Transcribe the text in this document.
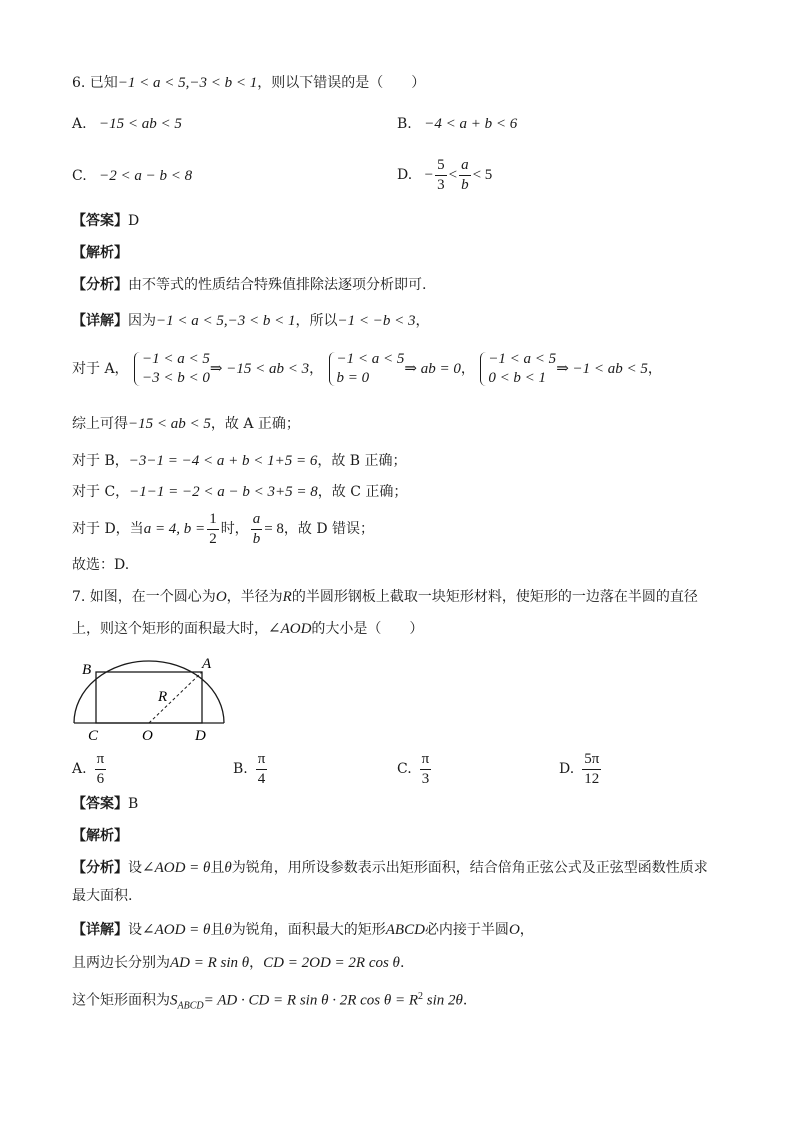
6. 已知−1 < a < 5,−3 < b < 1，则以下错误的是（　　）
A. −15 < ab < 5	B. −4 < a + b < 6
C. −2 < a − b < 8	D. − $\frac{5}{3} < \frac{a}{b} < 5$
【答案】D
【解析】
【分析】由不等式的性质结合特殊值排除法逐项分析即可.
【详解】因为−1 < a < 5,−3 < b < 1，所以−1 < −b < 3，
对于 A，
−1 < a < 5
−3 < b < 0
⇒ −15 < ab < 3，
−1 < a < 5
b = 0
⇒ ab = 0，
−1 < a < 5
0 < b < 1
⇒ −1 < ab < 5，
综上可得−15 < ab < 5，故 A 正确；
对于 B，−3−1 = −4 < a + b < 1+5 = 6，故 B 正确；
对于 C，−1−1 = −2 < a − b < 3+5 = 8，故 C 正确；
对于 D，当a = 4, $b = \frac{1}{2}$ 时， $\frac{a}{b} = 8$，故 D 错误；
故选：D.
7. 如图，在一个圆心为O，半径为R的半圆形钢板上截取一块矩形材料，使矩形的一边落在半圆的直径
上，则这个矩形的面积最大时，∠AOD的大小是（　　）
B	A
R
C	O	D
A. $\frac{\pi}{6}$	B. $\frac{\pi}{4}$	C. $\frac{\pi}{3}$	D. $\frac{5\pi}{12}$
【答案】B
【解析】
【分析】设∠AOD = θ且θ为锐角，用所设参数表示出矩形面积，结合倍角正弦公式及正弦型函数性质求
最大面积.
【详解】设∠AOD = θ且θ为锐角，面积最大的矩形ABCD必内接于半圆O，
且两边长分别为AD = R sin θ，CD = 2OD = 2R cos θ.
这个矩形面积为$S_{ABCD}=$ AD · CD = R sin θ · 2R $\cos \theta = R^2$ sin 2θ.
